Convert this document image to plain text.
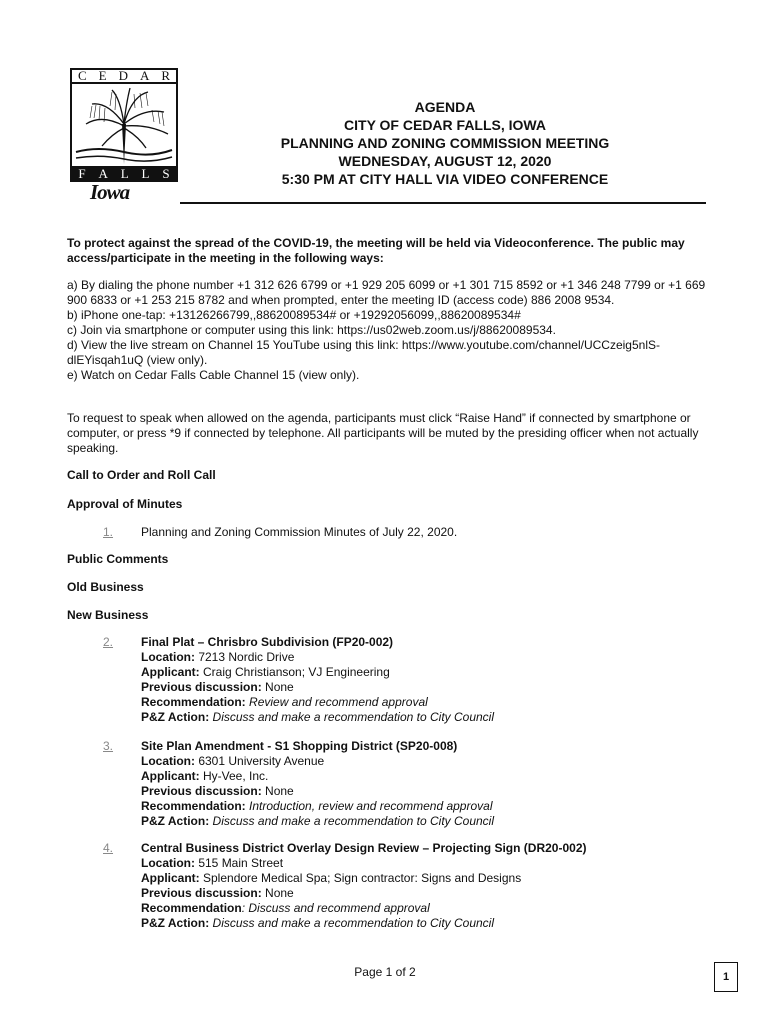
C E D A R
F A L L S
Iowa
AGENDA
CITY OF CEDAR FALLS, IOWA
PLANNING AND ZONING COMMISSION MEETING
WEDNESDAY, AUGUST 12, 2020
5:30 PM AT CITY HALL VIA VIDEO CONFERENCE
To protect against the spread of the COVID-19, the meeting will be held via Videoconference. The public may access/participate in the meeting in the following ways:

a) By dialing the phone number +1 312 626 6799 or +1 929 205 6099 or +1 301 715 8592 or +1 346 248 7799 or +1 669 900 6833 or +1 253 215 8782 and when prompted, enter the meeting ID (access code) 886 2008 9534.

b) iPhone one-tap: +13126266799,,88620089534# or +19292056099,,88620089534#

c) Join via smartphone or computer using this link: https://us02web.zoom.us/j/88620089534.

d) View the live stream on Channel 15 YouTube using this link: https://www.youtube.com/channel/UCCzeig5nlS-dlEYisqah1uQ (view only).

e) Watch on Cedar Falls Cable Channel 15 (view only).

To request to speak when allowed on the agenda, participants must click “Raise Hand” if connected by smartphone or computer, or press *9 if connected by telephone. All participants will be muted by the presiding officer when not actually speaking.
Call to Order and Roll Call
Approval of Minutes
1. Planning and Zoning Commission Minutes of July 22, 2020.
Public Comments
Old Business
New Business
2. Final Plat – Chrisbro Subdivision (FP20-002)
Location: 7213 Nordic Drive
Applicant: Craig Christianson; VJ Engineering
Previous discussion: None
Recommendation: Review and recommend approval
P&Z Action: Discuss and make a recommendation to City Council
3. Site Plan Amendment - S1 Shopping District (SP20-008)
Location: 6301 University Avenue
Applicant: Hy-Vee, Inc.
Previous discussion: None
Recommendation: Introduction, review and recommend approval
P&Z Action: Discuss and make a recommendation to City Council
4. Central Business District Overlay Design Review – Projecting Sign (DR20-002)
Location: 515 Main Street
Applicant: Splendore Medical Spa; Sign contractor: Signs and Designs
Previous discussion: None
Recommendation: Discuss and recommend approval
P&Z Action: Discuss and make a recommendation to City Council
Page 1 of 2	1
